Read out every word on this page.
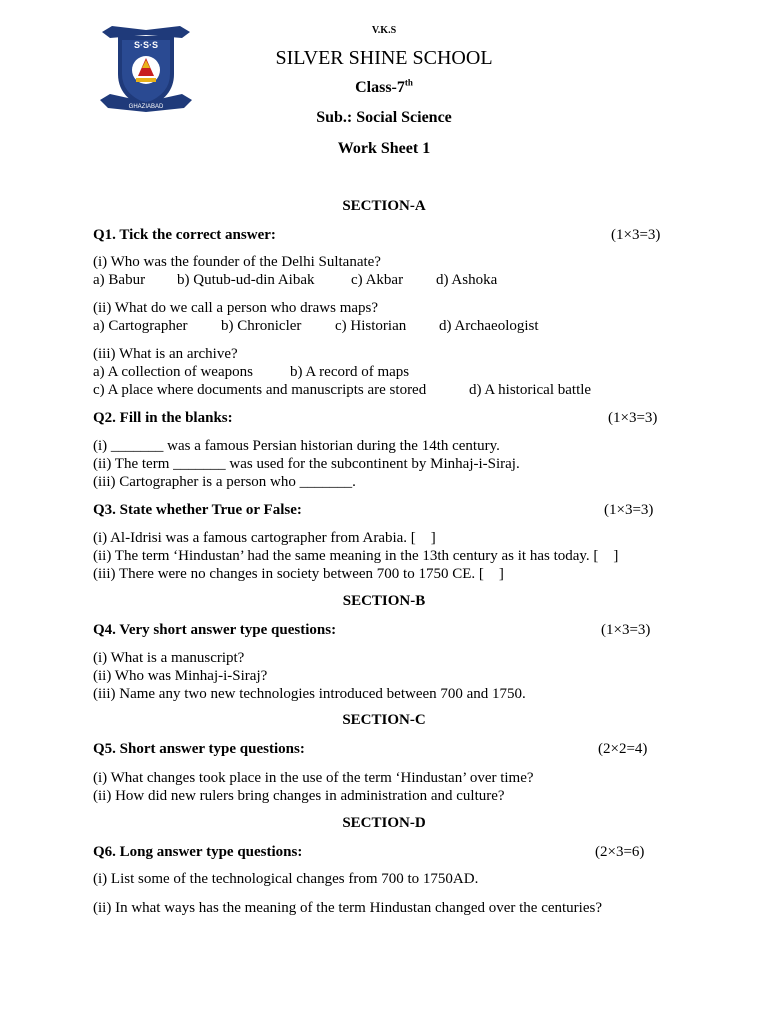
S·S·S
GHAZIABAD
V.K.S
SILVER SHINE SCHOOL
Class-7th
Sub.: Social Science
Work Sheet 1
SECTION-A
Q1. Tick the correct answer:	(1×3=3)
(i) Who was the founder of the Delhi Sultanate?
a) Babur b) Qutub-ud-din Aibak c) Akbar d) Ashoka
(ii) What do we call a person who draws maps?
a) Cartographer b) Chronicler c) Historian d) Archaeologist
(iii) What is an archive?
a) A collection of weapons b) A record of maps
c) A place where documents and manuscripts are stored	d) A historical battle
Q2. Fill in the blanks:	(1×3=3)
(i) _______ was a famous Persian historian during the 14th century.
(ii) The term _______ was used for the subcontinent by Minhaj-i-Siraj.
(iii) Cartographer is a person who _______.
Q3. State whether True or False:	(1×3=3)
(i) Al-Idrisi was a famous cartographer from Arabia. [    ]
(ii) The term ‘Hindustan’ had the same meaning in the 13th century as it has today. [    ]
(iii) There were no changes in society between 700 to 1750 CE. [    ]
SECTION-B
Q4. Very short answer type questions:	(1×3=3)
(i) What is a manuscript?
(ii) Who was Minhaj-i-Siraj?
(iii) Name any two new technologies introduced between 700 and 1750.
SECTION-C
Q5. Short answer type questions:	(2×2=4)
(i) What changes took place in the use of the term ‘Hindustan’ over time?
(ii) How did new rulers bring changes in administration and culture?
SECTION-D
Q6. Long answer type questions:	(2×3=6)
(i) List some of the technological changes from 700 to 1750AD.
(ii) In what ways has the meaning of the term Hindustan changed over the centuries?
